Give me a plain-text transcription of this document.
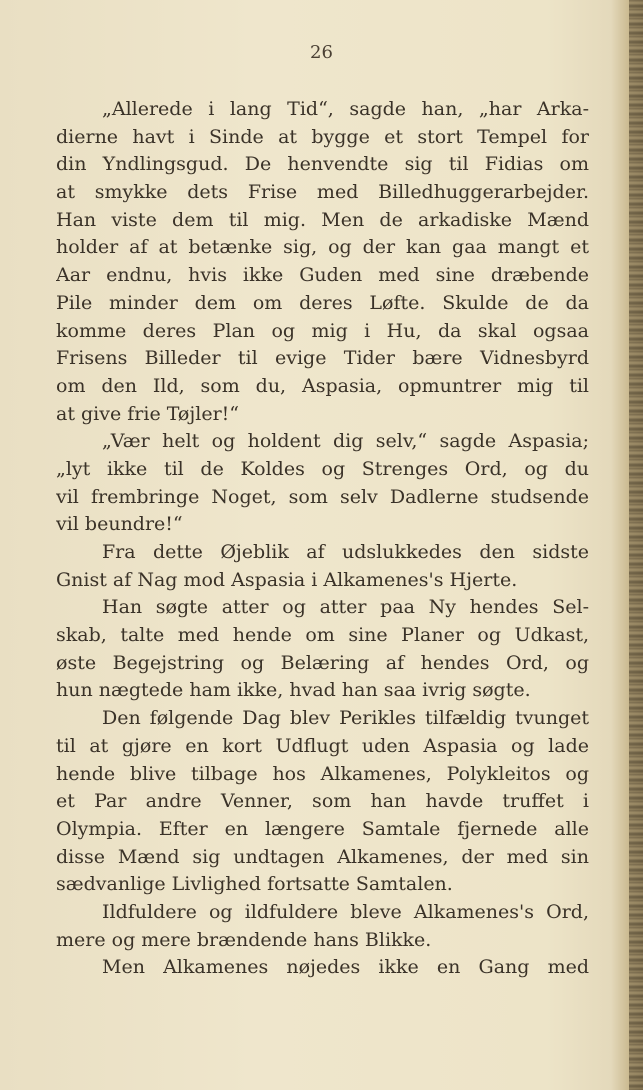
26
„Allerede i lang Tid“, sagde han, „har Arka-
dierne havt i Sinde at bygge et stort Tempel for
din Yndlingsgud. De henvendte sig til Fidias om
at smykke dets Frise med Billedhuggerarbejder.
Han viste dem til mig. Men de arkadiske Mænd
holder af at betænke sig, og der kan gaa mangt et
Aar endnu, hvis ikke Guden med sine dræbende
Pile minder dem om deres Løfte. Skulde de da
komme deres Plan og mig i Hu, da skal ogsaa
Frisens Billeder til evige Tider bære Vidnesbyrd
om den Ild, som du, Aspasia, opmuntrer mig til
at give frie Tøjler!“
„Vær helt og holdent dig selv,“ sagde Aspasia;
„lyt ikke til de Koldes og Strenges Ord, og du
vil frembringe Noget, som selv Dadlerne studsende
vil beundre!“
Fra dette Øjeblik af udslukkedes den sidste
Gnist af Nag mod Aspasia i Alkamenes's Hjerte.
Han søgte atter og atter paa Ny hendes Sel-
skab, talte med hende om sine Planer og Udkast,
øste Begejstring og Belæring af hendes Ord, og
hun nægtede ham ikke, hvad han saa ivrig søgte.
Den følgende Dag blev Perikles tilfældig tvunget
til at gjøre en kort Udflugt uden Aspasia og lade
hende blive tilbage hos Alkamenes, Polykleitos og
et Par andre Venner, som han havde truffet i
Olympia. Efter en længere Samtale fjernede alle
disse Mænd sig undtagen Alkamenes, der med sin
sædvanlige Livlighed fortsatte Samtalen.
Ildfuldere og ildfuldere bleve Alkamenes's Ord,
mere og mere brændende hans Blikke.
Men Alkamenes nøjedes ikke en Gang med
